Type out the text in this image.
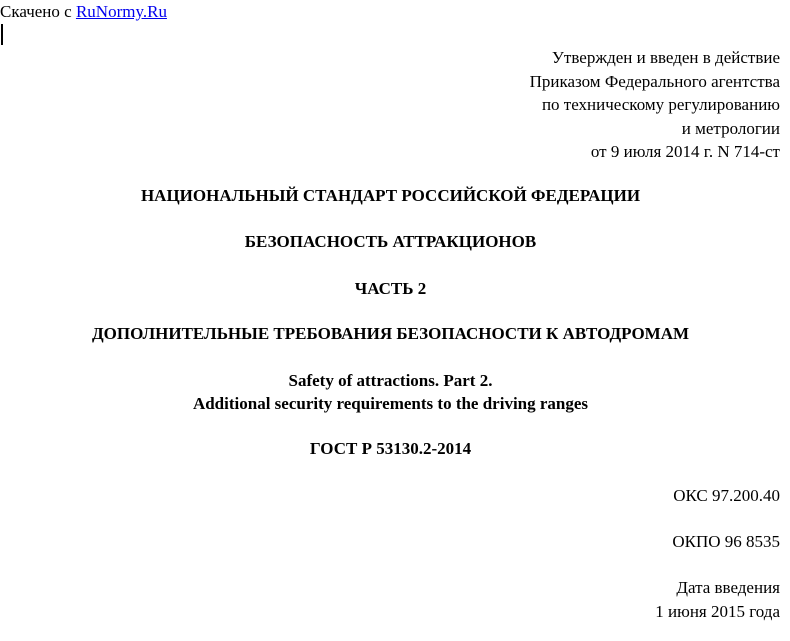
Скачено с RuNormy.Ru
Утвержден и введен в действие
Приказом Федерального агентства
по техническому регулированию
и метрологии
от 9 июля 2014 г. N 714-ст
НАЦИОНАЛЬНЫЙ СТАНДАРТ РОССИЙСКОЙ ФЕДЕРАЦИИ
БЕЗОПАСНОСТЬ АТТРАКЦИОНОВ
ЧАСТЬ 2
ДОПОЛНИТЕЛЬНЫЕ ТРЕБОВАНИЯ БЕЗОПАСНОСТИ К АВТОДРОМАМ
Safety of attractions. Part 2.
Additional security requirements to the driving ranges
ГОСТ Р 53130.2-2014
ОКС 97.200.40
ОКПО 96 8535
Дата введения
1 июня 2015 года
